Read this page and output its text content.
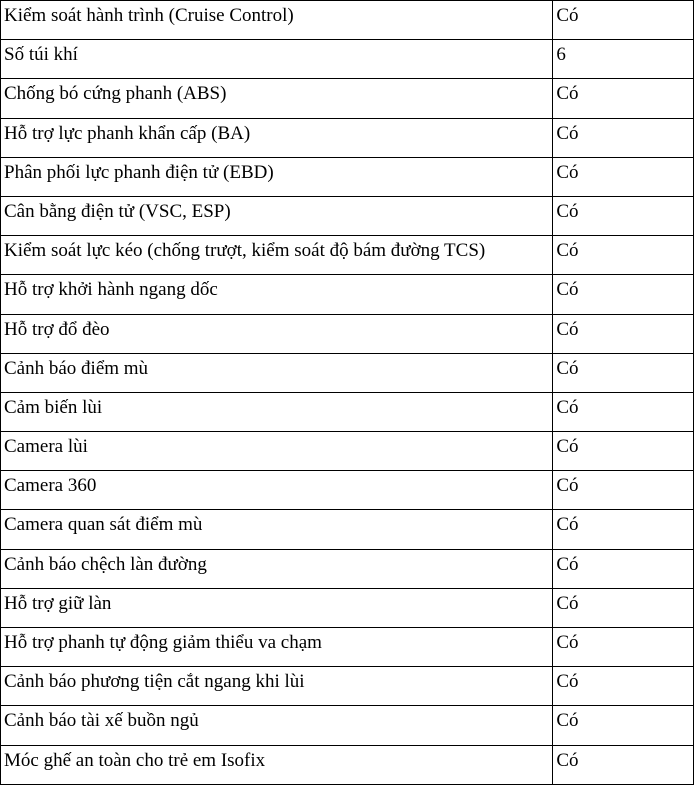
Kiểm soát hành trình (Cruise Control)	Có
Số túi khí	6
Chống bó cứng phanh (ABS)	Có
Hỗ trợ lực phanh khẩn cấp (BA)	Có
Phân phối lực phanh điện tử (EBD)	Có
Cân bằng điện tử (VSC, ESP)	Có
Kiểm soát lực kéo (chống trượt, kiểm soát độ bám đường TCS)	Có
Hỗ trợ khởi hành ngang dốc	Có
Hỗ trợ đổ đèo	Có
Cảnh báo điểm mù	Có
Cảm biến lùi	Có
Camera lùi	Có
Camera 360	Có
Camera quan sát điểm mù	Có
Cảnh báo chệch làn đường	Có
Hỗ trợ giữ làn	Có
Hỗ trợ phanh tự động giảm thiểu va chạm	Có
Cảnh báo phương tiện cắt ngang khi lùi	Có
Cảnh báo tài xế buồn ngủ	Có
Móc ghế an toàn cho trẻ em Isofix	Có
